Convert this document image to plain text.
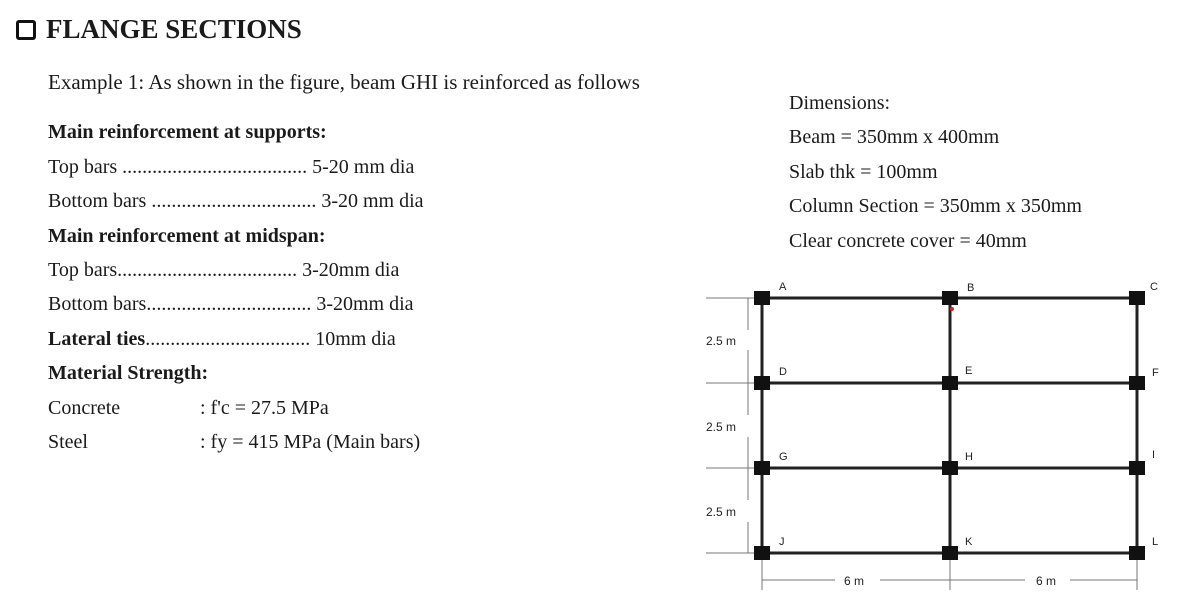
FLANGE SECTIONS
Example 1: As shown in the figure, beam GHI is reinforced as follows
Main reinforcement at supports:
Top bars ..................................... 5-20 mm dia
Bottom bars ................................. 3-20 mm dia
Main reinforcement at midspan:
Top bars.................................... 3-20mm dia
Bottom bars................................. 3-20mm dia
Lateral ties................................. 10mm dia
Material Strength:
Concrete	: f'c = 27.5 MPa
Steel	: fy = 415 MPa (Main bars)
Dimensions:
Beam = 350mm x 400mm
Slab thk = 100mm
Column Section = 350mm x 350mm
Clear concrete cover = 40mm
A	B	C
D	E	F
G	H	I
J	K	L
2.5 m
2.5 m
2.5 m
6 m	6 m
